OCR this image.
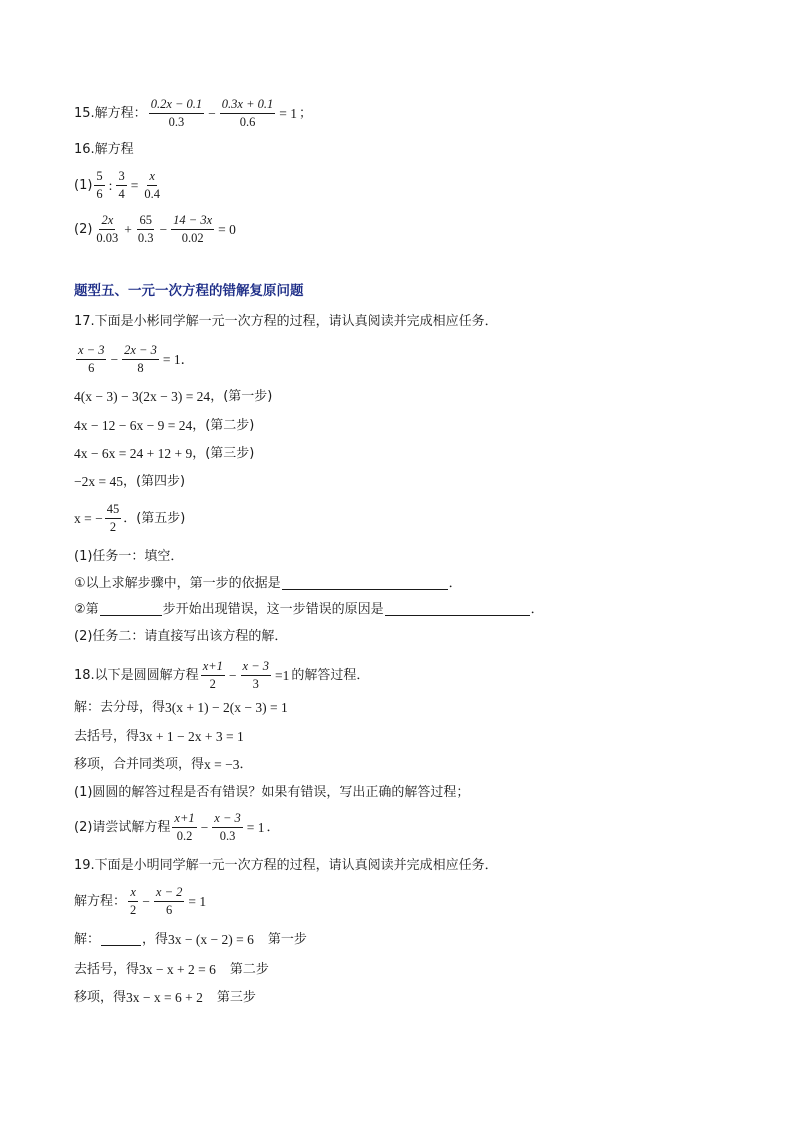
15.解方程：
0.2x − 0.1
0.3
− $\frac{0.3x + 0.1}{0.6} = 1$ ；
16.解方程
(1)
5
6
: $\frac{3}{4} = \frac{x}{0.4}$
(2)
2x
0.03
+ $\frac{65}{0.3} - \frac{14 - 3x}{0.02} = 0$
题型五、一元一次方程的错解复原问题
17.下面是小彬同学解一元一次方程的过程，请认真阅读并完成相应任务．
x − 3
6
− $\frac{2x - 3}{8} = 1$．
4(x − 3) − 3(2x − 3) = 24 ，(第一步)
4x − 12 − 6x − 9 = 24 ，(第二步)
4x − 6x = 24 + 12 + 9 ，(第三步)
−2x = 45 ，(第四步)
x = − $\frac{45}{2}$ ．(第五步)
(1)任务一：填空．
①以上求解步骤中，第一步的依据是	．
②第	步开始出现错误，这一步错误的原因是	．
(2)任务二：请直接写出该方程的解．
18.以下是圆圆解方程
x+1
2
− $\frac{x - 3}{3} =1$ 的解答过程．
解：去分母，得 3(x + 1) − 2(x − 3) = 1
去括号，得 3x + 1 − 2x + 3 = 1
移项，合并同类项，得 x = −3 ．
(1)圆圆的解答过程是否有错误？如果有错误，写出正确的解答过程；
(2)请尝试解方程
x+1
0.2
− $\frac{x - 3}{0.3} = 1$ ．
19.下面是小明同学解一元一次方程的过程，请认真阅读并完成相应任务．
解方程：
x
2
− $\frac{x - 2}{6} = 1$
解：	，得 3x − (x − 2) = 6 第一步
去括号，得 3x − x + 2 = 6 第二步
移项，得 3x − x = 6 + 2 第三步
